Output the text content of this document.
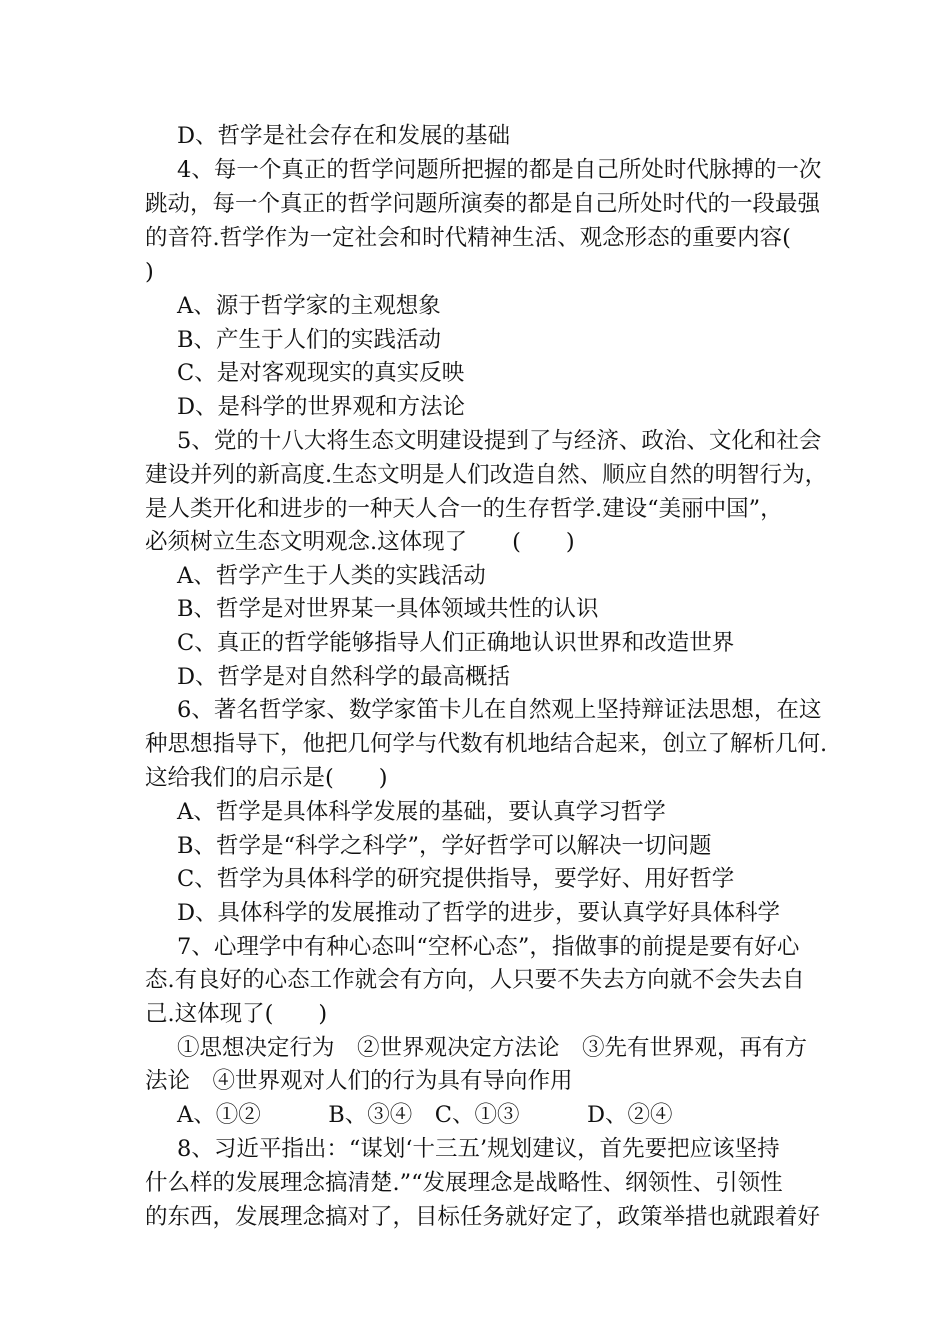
D、哲学是社会存在和发展的基础
4、每一个真正的哲学问题所把握的都是自己所处时代脉搏的一次
跳动，每一个真正的哲学问题所演奏的都是自己所处时代的一段最强
的音符.哲学作为一定社会和时代精神生活、观念形态的重要内容(
)
A、源于哲学家的主观想象
B、产生于人们的实践活动
C、是对客观现实的真实反映
D、是科学的世界观和方法论
5、党的十八大将生态文明建设提到了与经济、政治、文化和社会
建设并列的新高度.生态文明是人们改造自然、顺应自然的明智行为，
是人类开化和进步的一种天人合一的生存哲学.建设“美丽中国”，
必须树立生态文明观念.这体现了　　(　　)
A、哲学产生于人类的实践活动
B、哲学是对世界某一具体领域共性的认识
C、真正的哲学能够指导人们正确地认识世界和改造世界
D、哲学是对自然科学的最高概括
6、著名哲学家、数学家笛卡儿在自然观上坚持辩证法思想，在这
种思想指导下，他把几何学与代数有机地结合起来，创立了解析几何.
这给我们的启示是(　　)
A、哲学是具体科学发展的基础，要认真学习哲学
B、哲学是“科学之科学”，学好哲学可以解决一切问题
C、哲学为具体科学的研究提供指导，要学好、用好哲学
D、具体科学的发展推动了哲学的进步，要认真学好具体科学
7、心理学中有种心态叫“空杯心态”，指做事的前提是要有好心
态.有良好的心态工作就会有方向，人只要不失去方向就不会失去自
己.这体现了(　　)
①思想决定行为　②世界观决定方法论　③先有世界观，再有方
法论　④世界观对人们的行为具有导向作用
A、①②　　　B、③④　C、①③　　　D、②④
8、习近平指出：“谋划‘十三五’规划建议，首先要把应该坚持
什么样的发展理念搞清楚.”“发展理念是战略性、纲领性、引领性
的东西，发展理念搞对了，目标任务就好定了，政策举措也就跟着好
